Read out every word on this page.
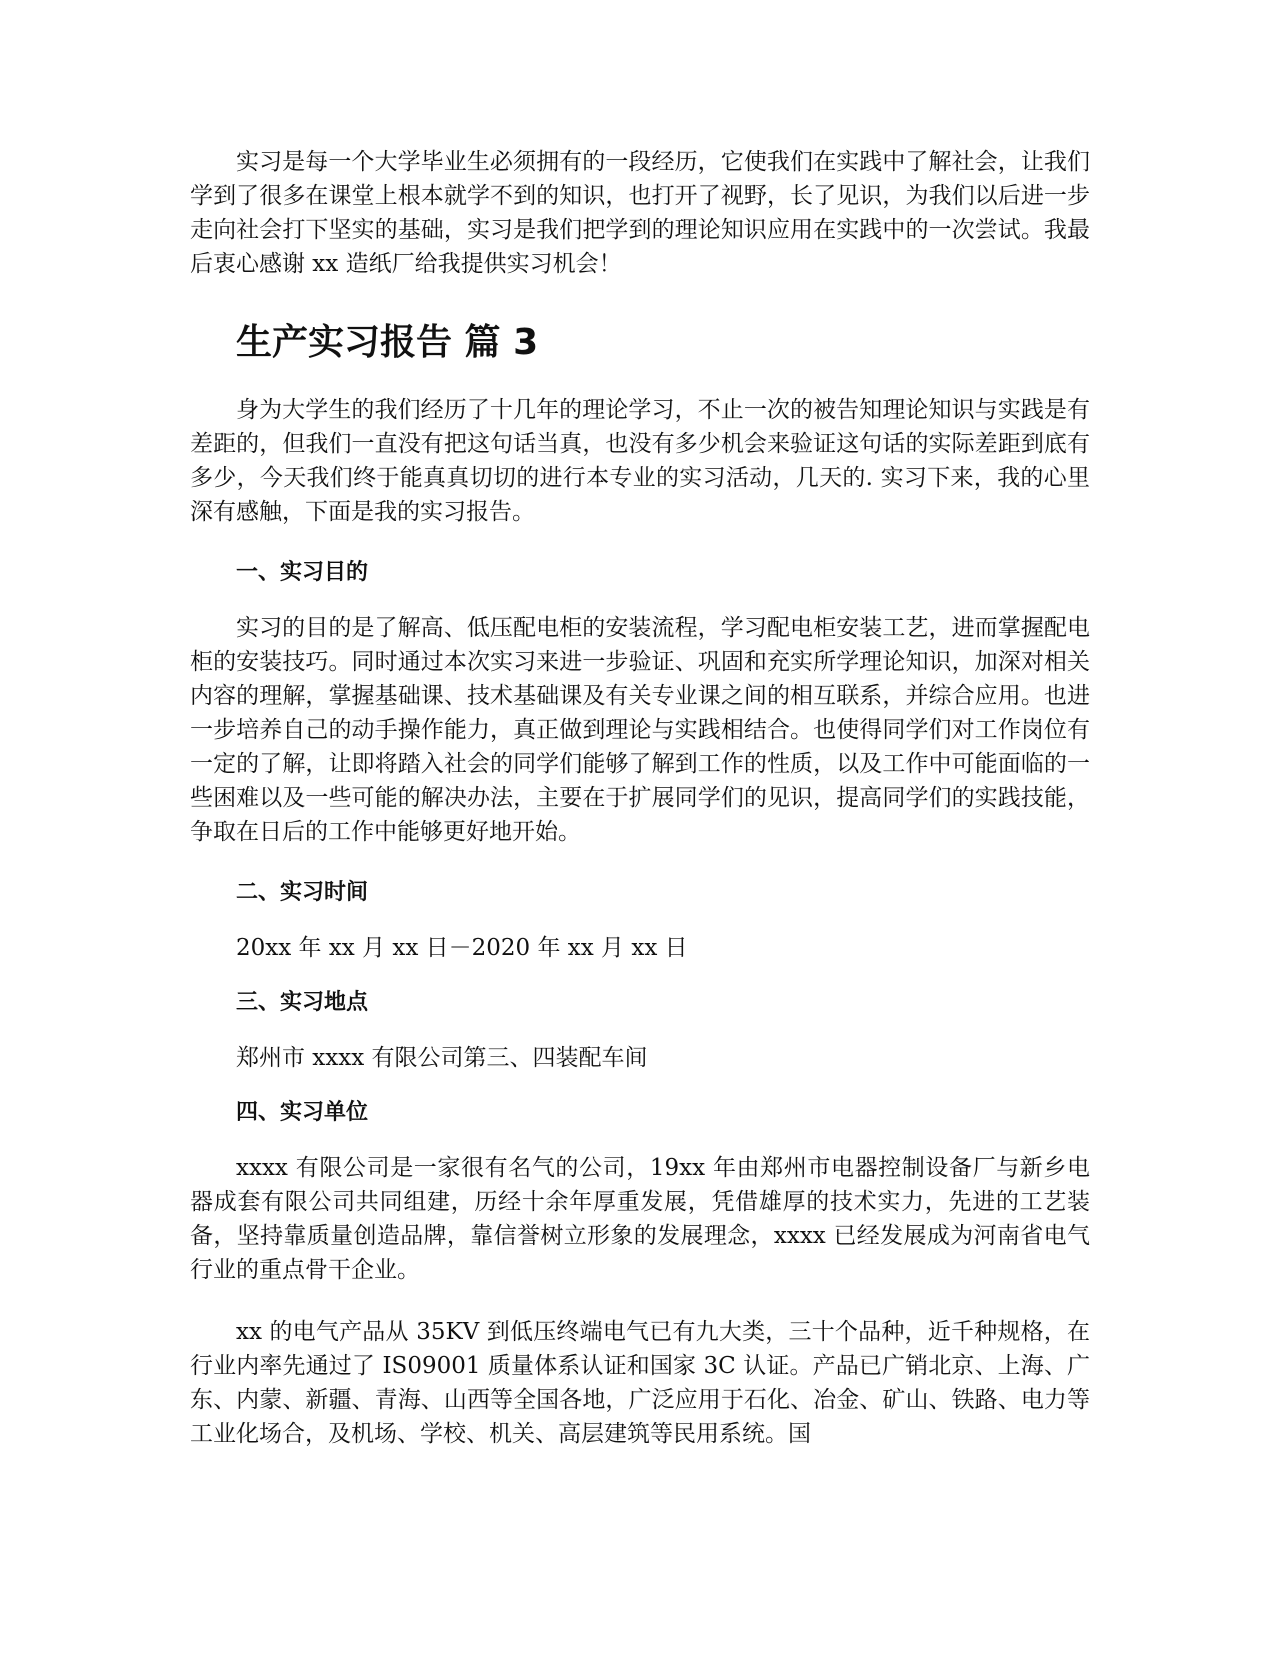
实习是每一个大学毕业生必须拥有的一段经历，它使我们在实践中了解社会，让我们学到了很多在课堂上根本就学不到的知识，也打开了视野，长了见识，为我们以后进一步走向社会打下坚实的基础，实习是我们把学到的理论知识应用在实践中的一次尝试。我最后衷心感谢 xx 造纸厂给我提供实习机会！

生产实习报告 篇 3

身为大学生的我们经历了十几年的理论学习，不止一次的被告知理论知识与实践是有差距的，但我们一直没有把这句话当真，也没有多少机会来验证这句话的实际差距到底有多少，今天我们终于能真真切切的进行本专业的实习活动，几天的. 实习下来，我的心里深有感触，下面是我的实习报告。

一、实习目的

实习的目的是了解高、低压配电柜的安装流程，学习配电柜安装工艺，进而掌握配电柜的安装技巧。同时通过本次实习来进一步验证、巩固和充实所学理论知识，加深对相关内容的理解，掌握基础课、技术基础课及有关专业课之间的相互联系，并综合应用。也进一步培养自己的动手操作能力，真正做到理论与实践相结合。也使得同学们对工作岗位有一定的了解，让即将踏入社会的同学们能够了解到工作的性质，以及工作中可能面临的一些困难以及一些可能的解决办法，主要在于扩展同学们的见识，提高同学们的实践技能，争取在日后的工作中能够更好地开始。

二、实习时间

20xx 年 xx 月 xx 日－2020 年 xx 月 xx 日

三、实习地点

郑州市 xxxx 有限公司第三、四装配车间

四、实习单位

xxxx 有限公司是一家很有名气的公司，19xx 年由郑州市电器控制设备厂与新乡电器成套有限公司共同组建，历经十余年厚重发展，凭借雄厚的技术实力，先进的工艺装备，坚持靠质量创造品牌，靠信誉树立形象的发展理念，xxxx 已经发展成为河南省电气行业的重点骨干企业。

xx 的电气产品从 35KV 到低压终端电气已有九大类，三十个品种，近千种规格，在行业内率先通过了 IS09001 质量体系认证和国家 3C 认证。产品已广销北京、上海、广东、内蒙、新疆、青海、山西等全国各地，广泛应用于石化、冶金、矿山、铁路、电力等工业化场合，及机场、学校、机关、高层建筑等民用系统。国
